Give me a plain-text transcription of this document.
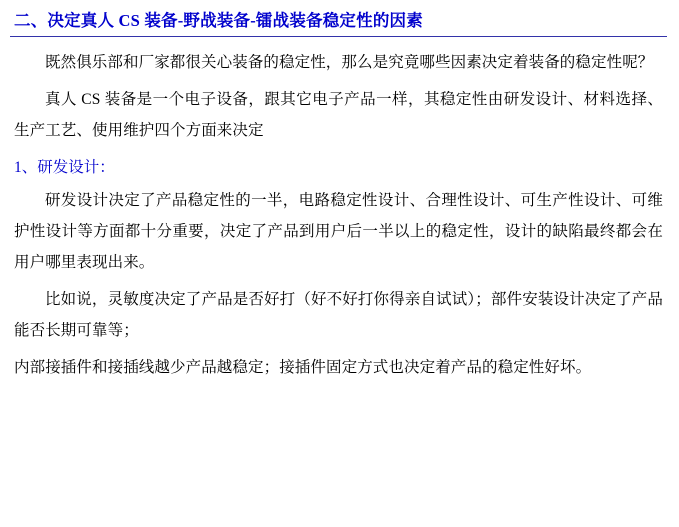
二、决定真人 CS 装备-野战装备-镭战装备稳定性的因素

既然俱乐部和厂家都很关心装备的稳定性，那么是究竟哪些因素决定着装备的稳定性呢？

真人 CS 装备是一个电子设备，跟其它电子产品一样，其稳定性由研发设计、材料选择、生产工艺、使用维护四个方面来决定

1、研发设计：

研发设计决定了产品稳定性的一半，电路稳定性设计、合理性设计、可生产性设计、可维护性设计等方面都十分重要，决定了产品到用户后一半以上的稳定性，设计的缺陷最终都会在用户哪里表现出来。

比如说，灵敏度决定了产品是否好打（好不好打你得亲自试试）；部件安装设计决定了产品能否长期可靠等；

内部接插件和接插线越少产品越稳定；接插件固定方式也决定着产品的稳定性好坏。
